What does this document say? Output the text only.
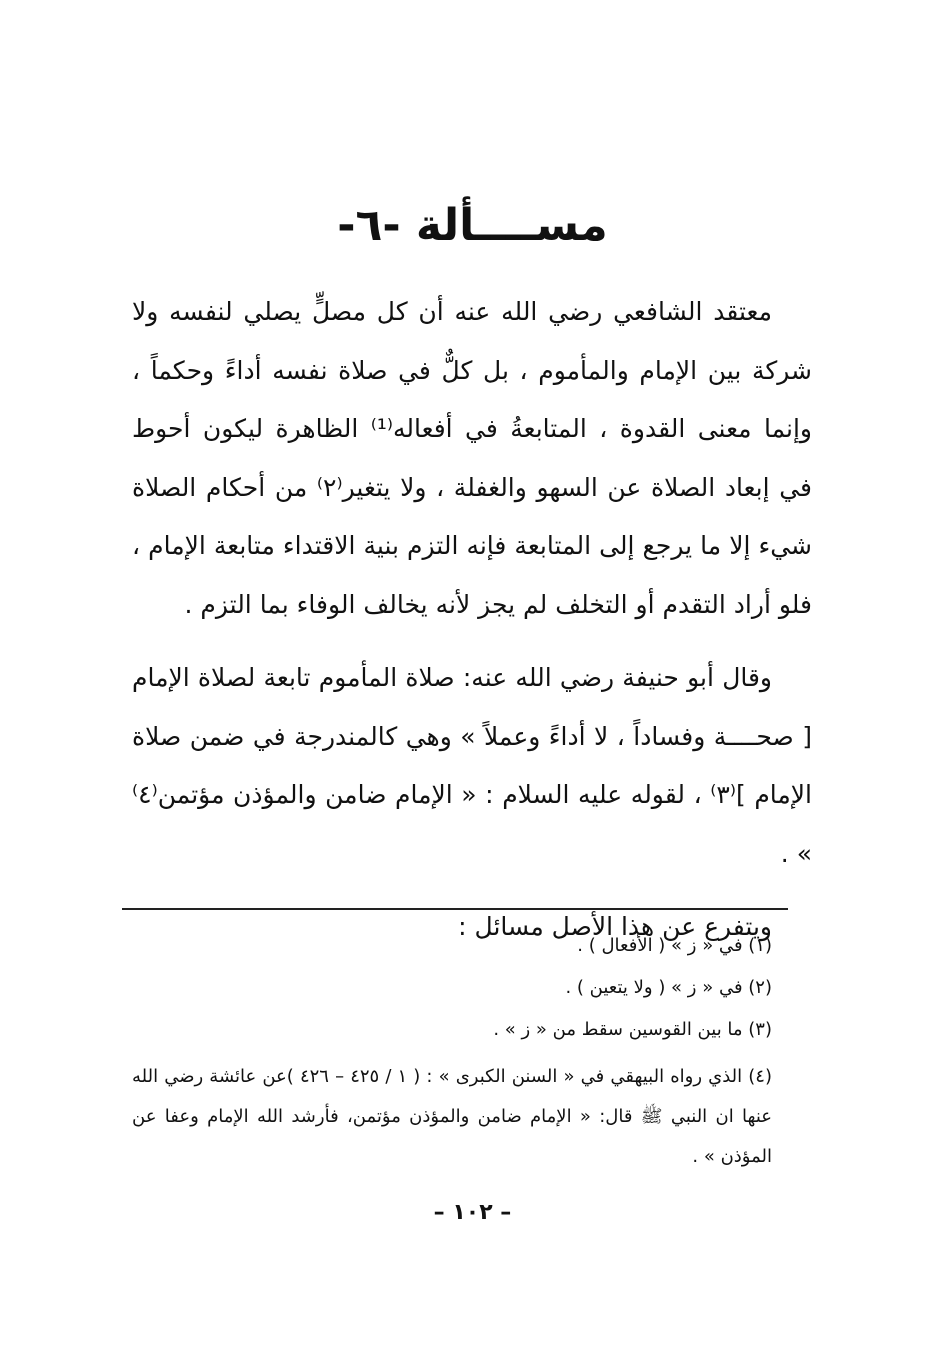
مســــألة -٦-

معتقد الشافعي رضي الله عنه أن كل مصلٍّ يصلي لنفسه ولا شركة بين الإمام والمأموم ، بل كلٌّ في صلاة نفسه أداءً وحكماً ، وإنما معنى القدوة ، المتابعةُ في أفعاله⁽¹⁾ الظاهرة ليكون أحوط في إبعاد الصلاة عن السهو والغفلة ، ولا يتغير⁽٢⁾ من أحكام الصلاة شيء إلا ما يرجع إلى المتابعة فإنه التزم بنية الاقتداء متابعة الإمام ، فلو أراد التقدم أو التخلف لم يجز لأنه يخالف الوفاء بما التزم .

وقال أبو حنيفة رضي الله عنه: صلاة المأموم تابعة لصلاة الإمام [ صحــــة وفساداً ، لا أداءً وعملاً » وهي كالمندرجة في ضمن صلاة الإمام ]⁽٣⁾ ، لقوله عليه السلام : « الإمام ضامن والمؤذن مؤتمن⁽٤⁾ » .

ويتفرع عن هذا الأصل مسائل :

(١) في « ز » ( الأفعال ) .

(٢) في « ز » ( ولا يتعين ) .

(٣) ما بين القوسين سقط من « ز » .

(٤) الذي رواه البيهقي في « السنن الكبرى » : ( ١ / ٤٢٥ – ٤٢٦ )عن عائشة رضي الله عنها ان النبي ﷺ قال: « الإمام ضامن والمؤذن مؤتمن، فأرشد الله الإمام وعفا عن المؤذن » .

– ١٠٢ –
